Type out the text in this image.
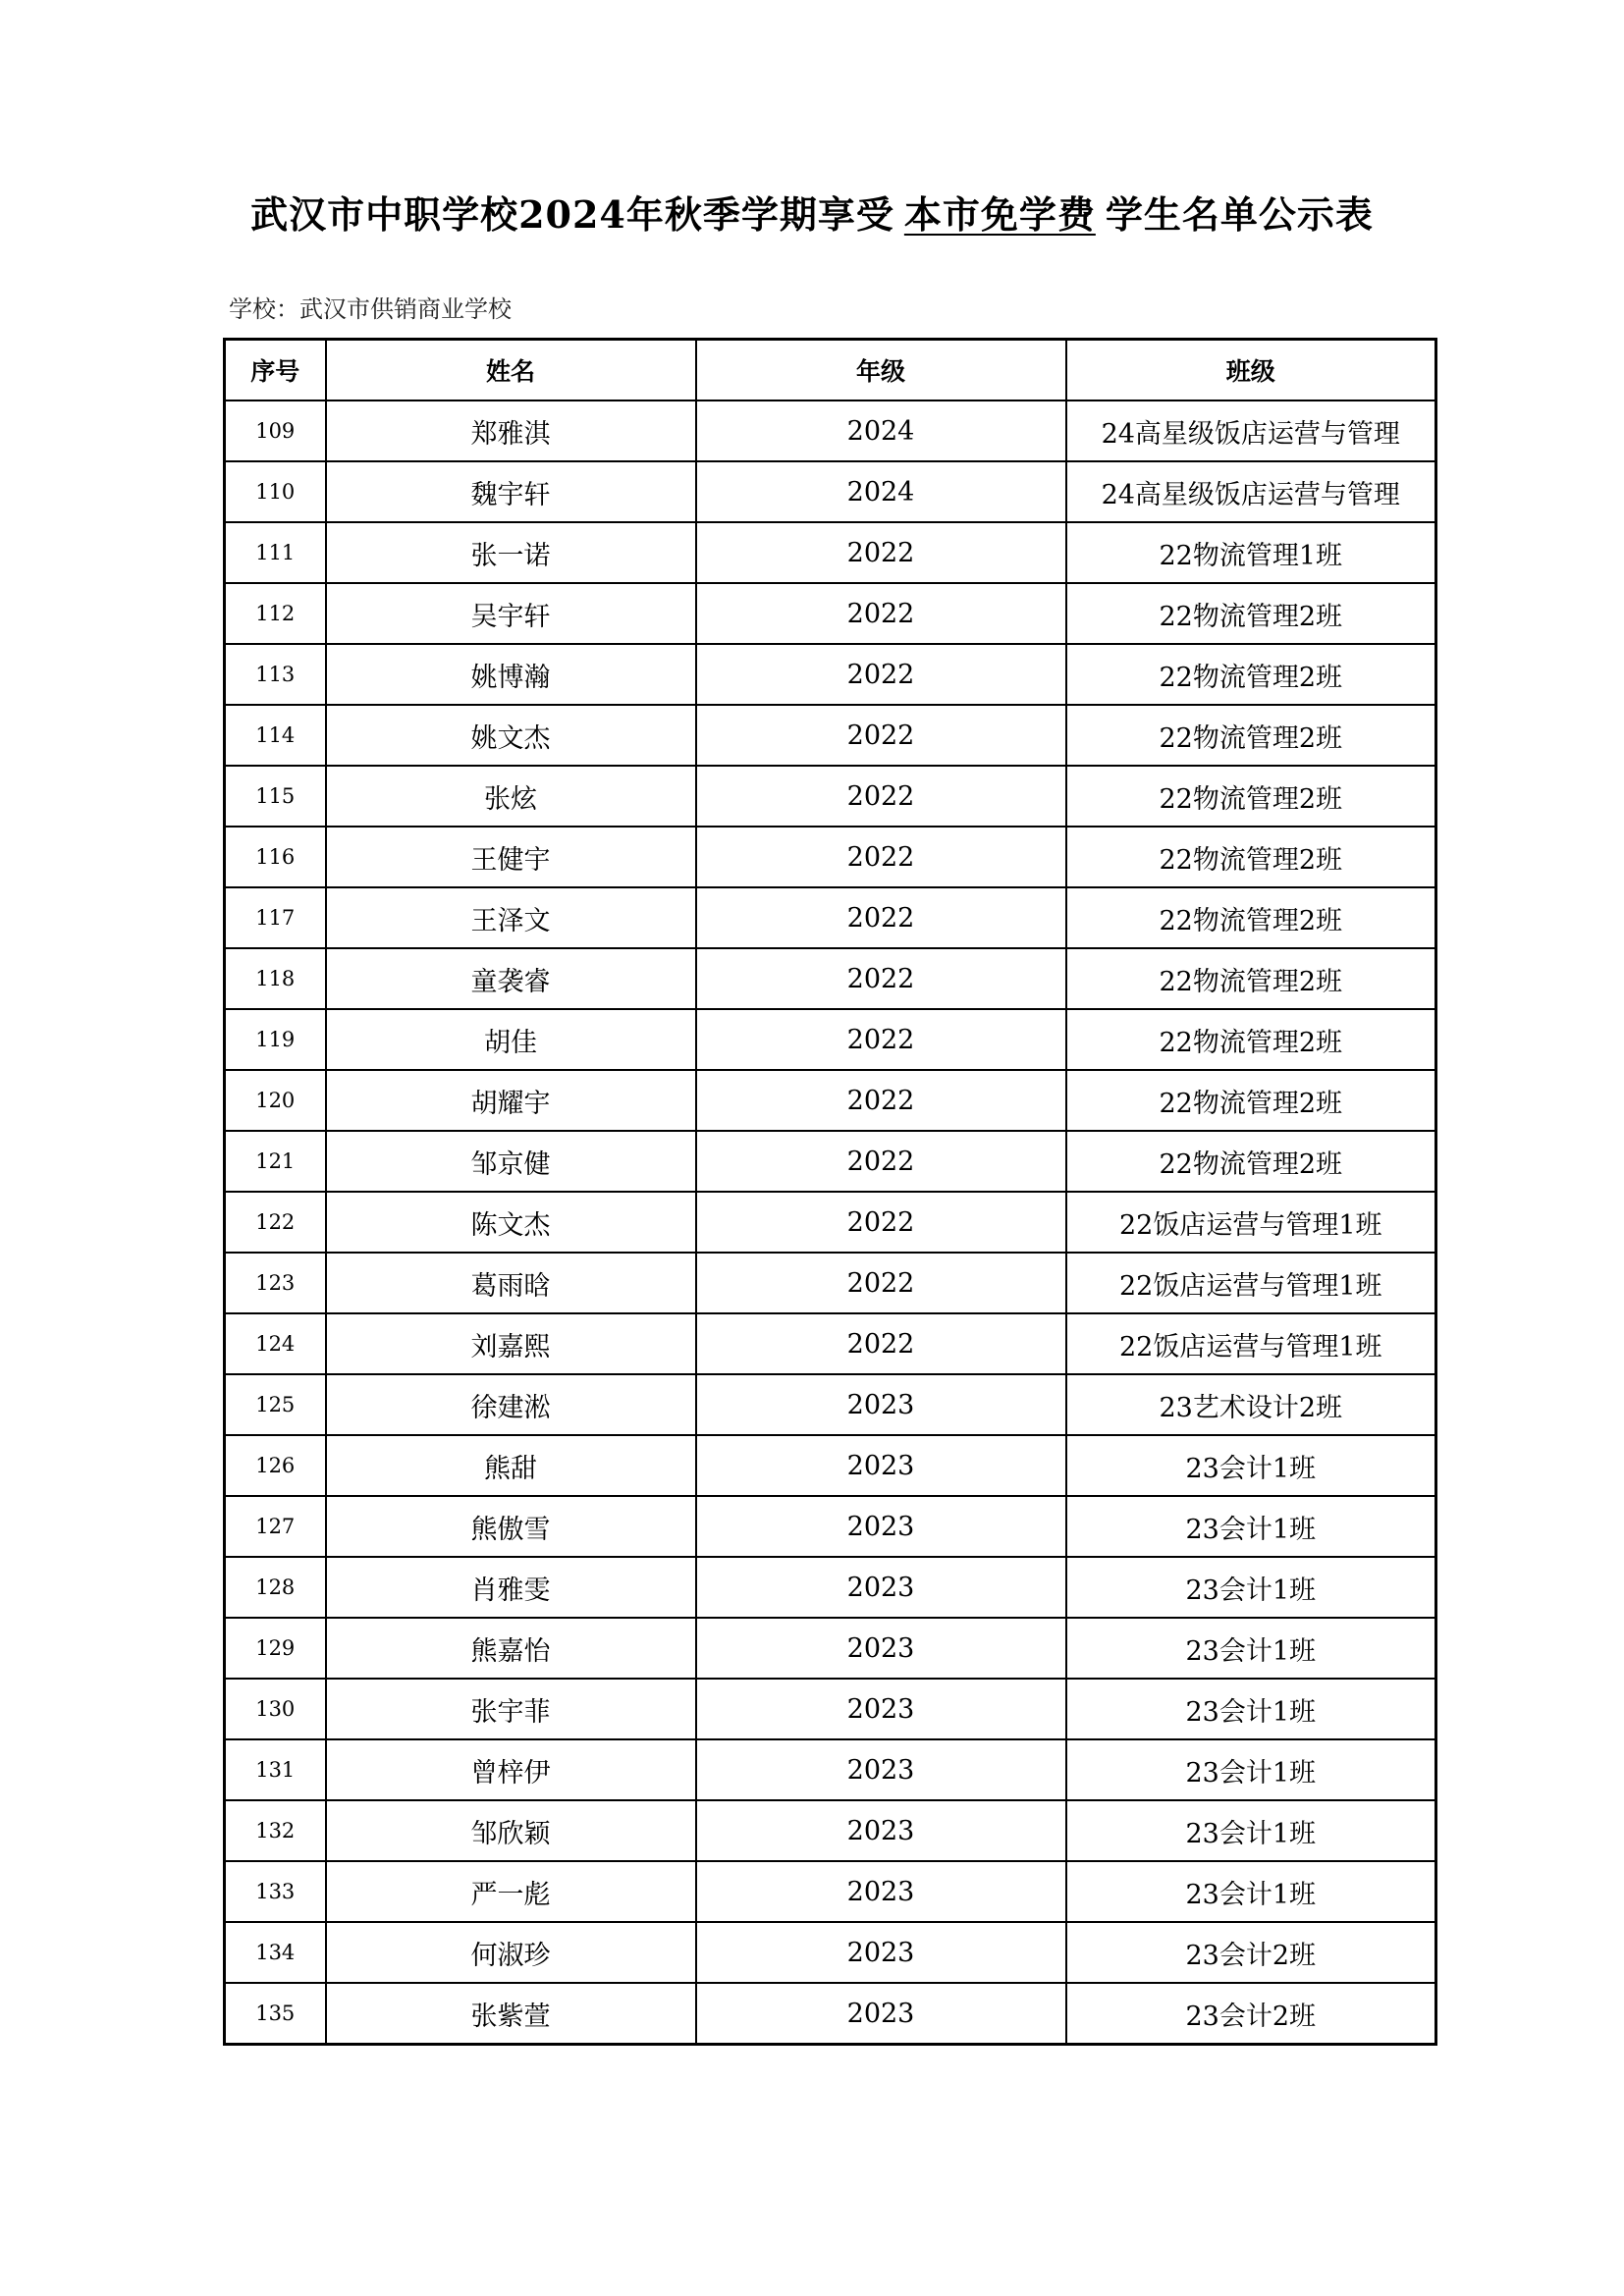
武汉市中职学校2024年秋季学期享受 本市免学费 学生名单公示表
学校：武汉市供销商业学校
序号	姓名	年级	班级
109	郑雅淇	2024	24高星级饭店运营与管理
110	魏宇轩	2024	24高星级饭店运营与管理
111	张一诺	2022	22物流管理1班
112	吴宇轩	2022	22物流管理2班
113	姚博瀚	2022	22物流管理2班
114	姚文杰	2022	22物流管理2班
115	张炫	2022	22物流管理2班
116	王健宇	2022	22物流管理2班
117	王泽文	2022	22物流管理2班
118	童袭睿	2022	22物流管理2班
119	胡佳	2022	22物流管理2班
120	胡耀宇	2022	22物流管理2班
121	邹京健	2022	22物流管理2班
122	陈文杰	2022	22饭店运营与管理1班
123	葛雨晗	2022	22饭店运营与管理1班
124	刘嘉熙	2022	22饭店运营与管理1班
125	徐建淞	2023	23艺术设计2班
126	熊甜	2023	23会计1班
127	熊傲雪	2023	23会计1班
128	肖雅雯	2023	23会计1班
129	熊嘉怡	2023	23会计1班
130	张宇菲	2023	23会计1班
131	曾梓伊	2023	23会计1班
132	邹欣颖	2023	23会计1班
133	严一彪	2023	23会计1班
134	何淑珍	2023	23会计2班
135	张紫萱	2023	23会计2班
